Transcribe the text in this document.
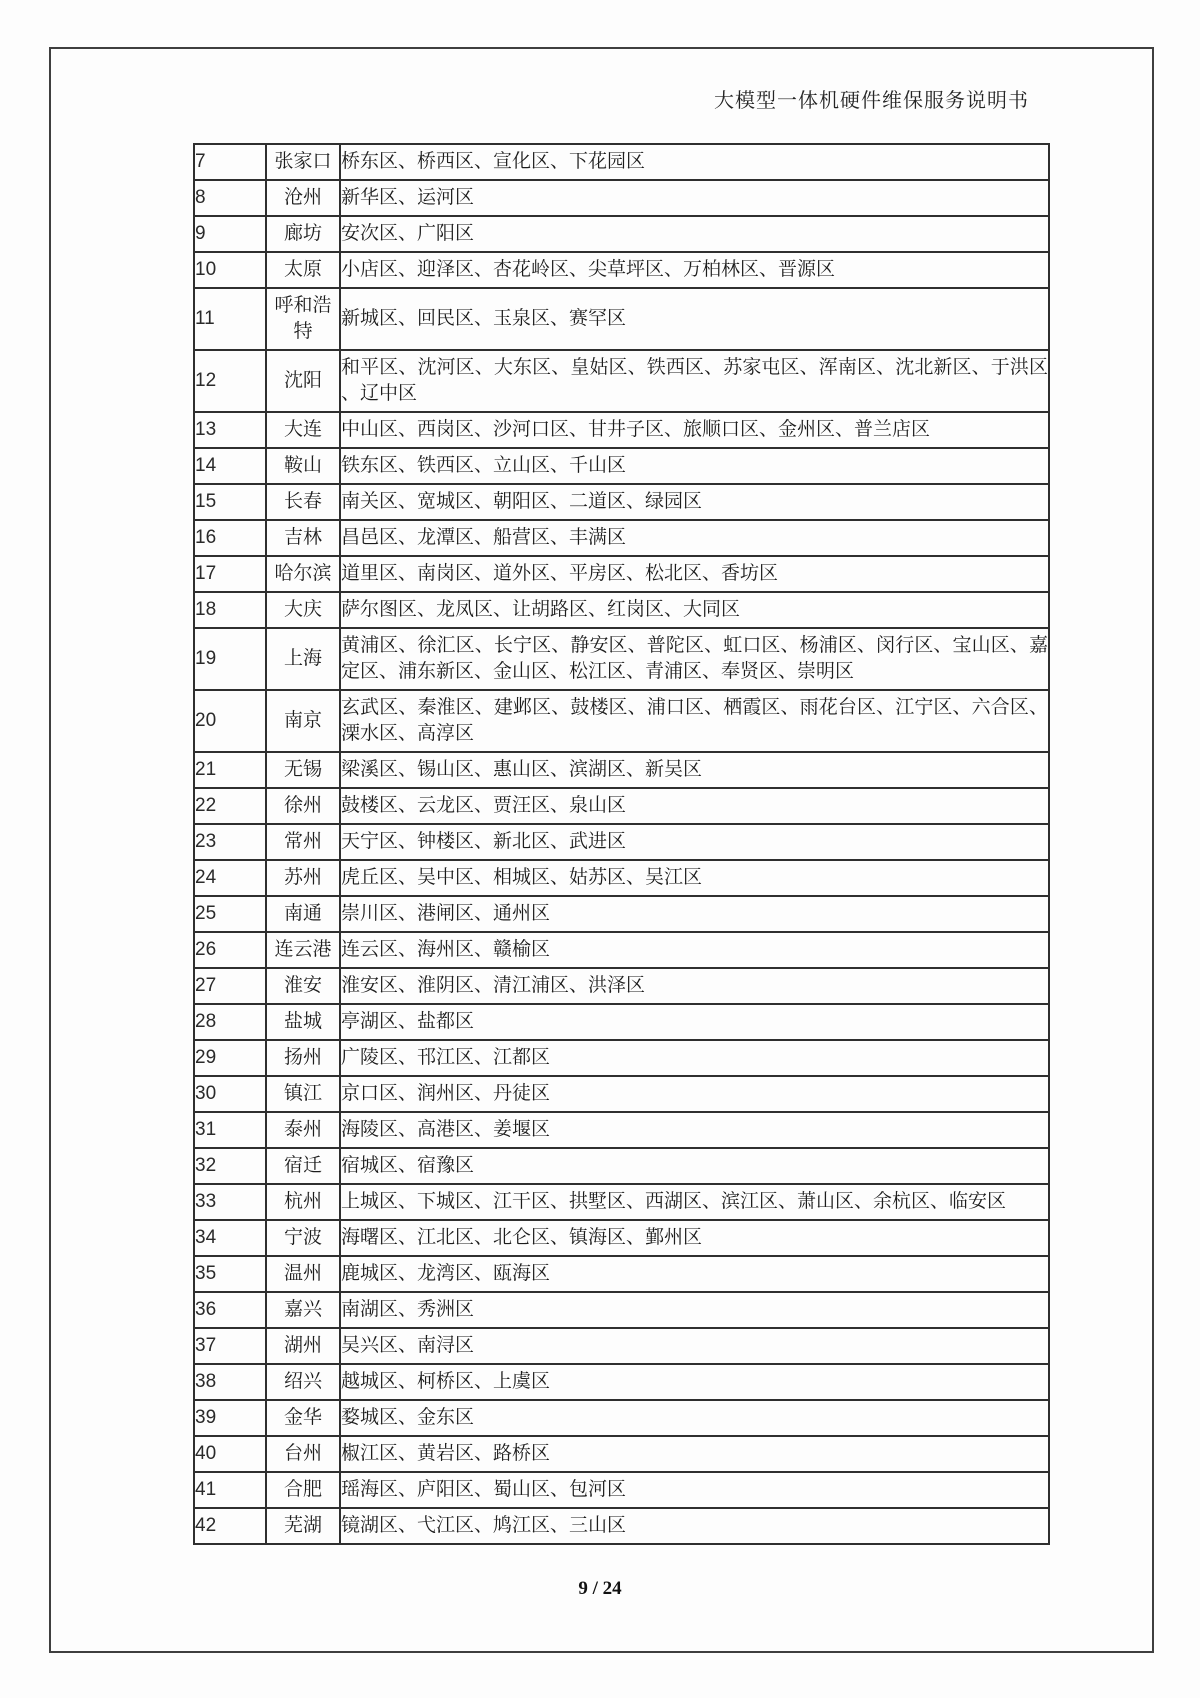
大模型一体机硬件维保服务说明书
7	张家口	桥东区、桥西区、宣化区、下花园区
8	沧州	新华区、运河区
9	廊坊	安次区、广阳区
10	太原	小店区、迎泽区、杏花岭区、尖草坪区、万柏林区、晋源区
11	呼和浩特	新城区、回民区、玉泉区、赛罕区
12	沈阳	和平区、沈河区、大东区、皇姑区、铁西区、苏家屯区、浑南区、沈北新区、于洪区、辽中区
13	大连	中山区、西岗区、沙河口区、甘井子区、旅顺口区、金州区、普兰店区
14	鞍山	铁东区、铁西区、立山区、千山区
15	长春	南关区、宽城区、朝阳区、二道区、绿园区
16	吉林	昌邑区、龙潭区、船营区、丰满区
17	哈尔滨	道里区、南岗区、道外区、平房区、松北区、香坊区
18	大庆	萨尔图区、龙凤区、让胡路区、红岗区、大同区
19	上海	黄浦区、徐汇区、长宁区、静安区、普陀区、虹口区、杨浦区、闵行区、宝山区、嘉定区、浦东新区、金山区、松江区、青浦区、奉贤区、崇明区
20	南京	玄武区、秦淮区、建邺区、鼓楼区、浦口区、栖霞区、雨花台区、江宁区、六合区、溧水区、高淳区
21	无锡	梁溪区、锡山区、惠山区、滨湖区、新吴区
22	徐州	鼓楼区、云龙区、贾汪区、泉山区
23	常州	天宁区、钟楼区、新北区、武进区
24	苏州	虎丘区、吴中区、相城区、姑苏区、吴江区
25	南通	崇川区、港闸区、通州区
26	连云港	连云区、海州区、赣榆区
27	淮安	淮安区、淮阴区、清江浦区、洪泽区
28	盐城	亭湖区、盐都区
29	扬州	广陵区、邗江区、江都区
30	镇江	京口区、润州区、丹徒区
31	泰州	海陵区、高港区、姜堰区
32	宿迁	宿城区、宿豫区
33	杭州	上城区、下城区、江干区、拱墅区、西湖区、滨江区、萧山区、余杭区、临安区
34	宁波	海曙区、江北区、北仑区、镇海区、鄞州区
35	温州	鹿城区、龙湾区、瓯海区
36	嘉兴	南湖区、秀洲区
37	湖州	吴兴区、南浔区
38	绍兴	越城区、柯桥区、上虞区
39	金华	婺城区、金东区
40	台州	椒江区、黄岩区、路桥区
41	合肥	瑶海区、庐阳区、蜀山区、包河区
42	芜湖	镜湖区、弋江区、鸠江区、三山区
9 / 24
